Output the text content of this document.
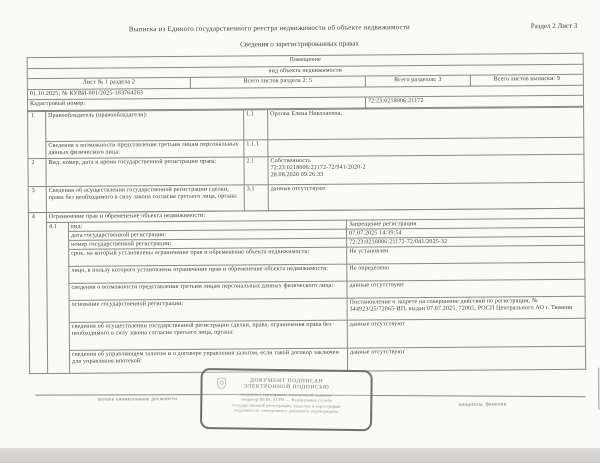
Выписка из Единого государственного реестра недвижимости об объекте недвижимости	Раздел 2 Лист 3
Сведения о зарегистрированных правах
Помещение			
вид объекта недвижимости			
Лист № 1 раздела 2	Всего листов раздела 2: 5	Всего разделов: 3	Всего листов выписки: 9
01.10.2025; № КУВИ-001/2025-183764263			
Кадастровый номер:		72:23:0218006:21172	
1	Правообладатель (правообладатели):	1.1	Орлова Елена Николаевна.
	Сведения о возможности представления третьим лицам персональных данных физического лица:	1.1.1	
2	Вид, номер, дата и время государственной регистрации права:	2.1	Собственность
72:23:0218006:21172-72/941/2020-2
28.08.2020 09:26:33

3	Сведения об осуществлении государственной регистрации сделки, права без необходимого в силу закона согласия третьего лица, органа:	3.1	данные отсутствуют
4	Ограничение прав и обременение объекта недвижимости:		
	4.1	вид:	Запрещение регистрации
		дата государственной регистрации:	07.07.2025 14:39:54
		номер государственной регистрации:	72:23:0218006:21172-72/041/2025-32
		срок, на который установлены ограничение прав и обременение объекта недвижимости:	Не установлен
		лицо, в пользу которого установлены ограничение прав и обременение объекта недвижимости:	Не определено
		сведения о возможности представления третьим лицам персональных данных физического лица:	данные отсутствуют
		основание государственной регистрации:	Постановление о запрете на совершение действий по регистрации, № 344923/25/72065-ИП, выдан 07.07.2025, 72065, РОСП Центрального АО г. Тюмени
		сведения об осуществлении государственной регистрации сделки, права, ограничения права без необходимого в силу закона согласия третьего лица, органа:	данные отсутствуют
		сведения об управляющем залогом и о договоре управления залогом, если такой договор заключен для управления ипотекой:	данные отсутствуют
полное наименование должности
инициалы, фамилия
ДОКУМЕНТ ПОДПИСАН
ЭЛЕКТРОННОЙ ПОДПИСЬЮ
сведения о сертификате электронной подписи:
оператор ФГИС ЕГРН — Федеральная служба
государственной регистрации, кадастра и картографии
подлинность электронного документа подтверждена
